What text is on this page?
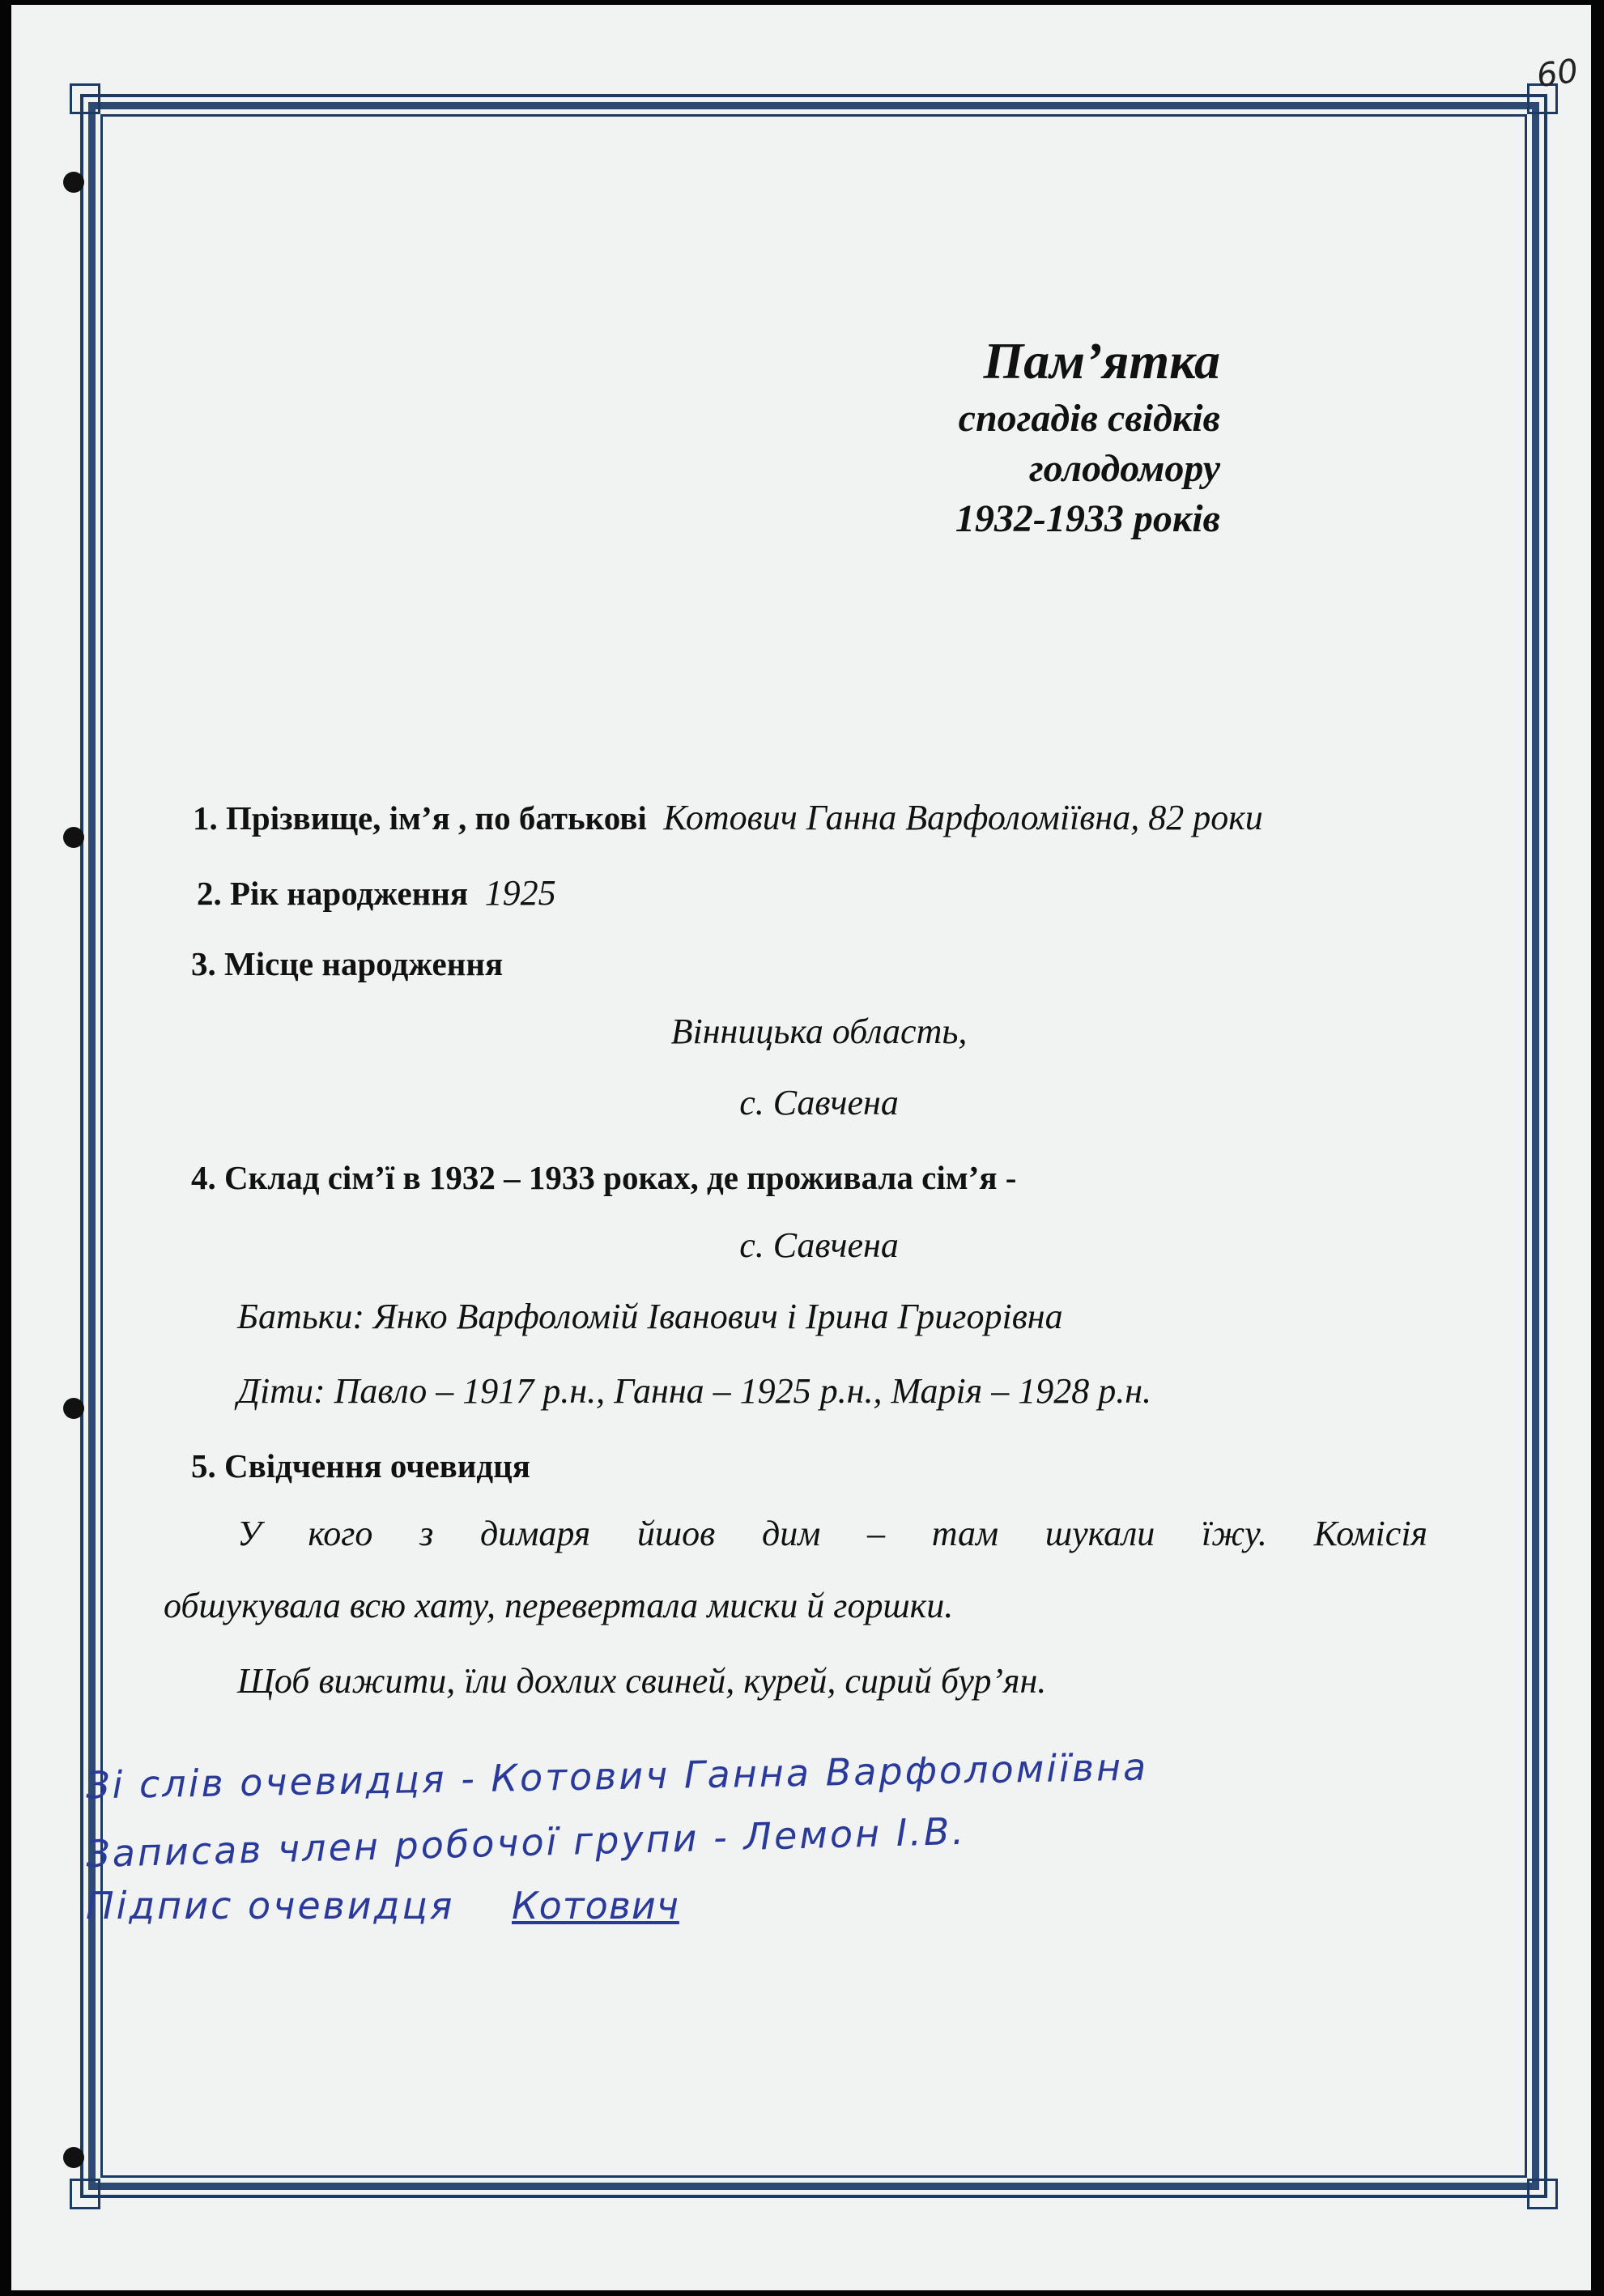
60
Пам’ятка
спогадів свідків
голодомору
1932-1933 років
1. Прізвище, ім’я , по батькові Котович Ганна Варфоломіївна, 82 роки
2. Рік народження 1925
3. Місце народження
Вінницька область,
с. Савчена
4. Склад сім’ї в 1932 – 1933 роках, де проживала сім’я -
с. Савчена
Батьки: Янко Варфоломій Іванович і Ірина Григорівна
Діти: Павло – 1917 р.н., Ганна – 1925 р.н., Марія – 1928 р.н.
5. Свідчення очевидця
У кого з димаря йшов дим – там шукали їжу. Комісія
обшукувала всю хату, перевертала миски й горшки.
Щоб вижити, їли дохлих свиней, курей, сирий бур’ян.
Зі слів очевидця - Котович Ганна Варфоломіївна
Записав член робочої групи - Лемон І.В.
Підпис очевидця Котович
